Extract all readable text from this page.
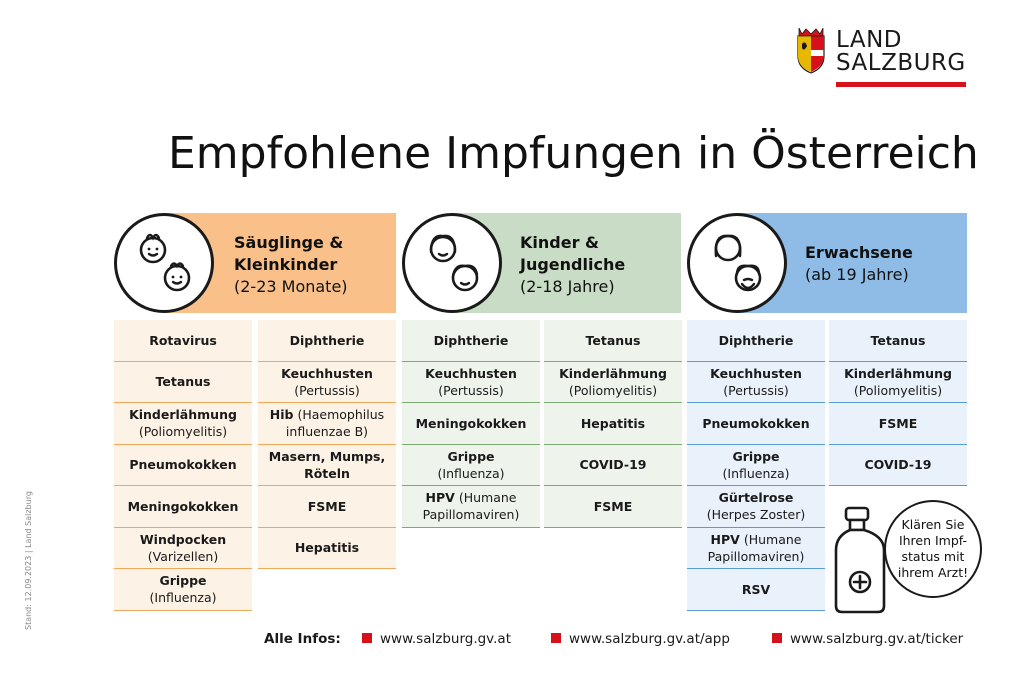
LAND
SALZBURG
Empfohlene Impfungen in Österreich
Säuglinge &
Kleinkinder
(2-23 Monate)
Kinder &
Jugendliche
(2-18 Jahre)
Erwachsene
(ab 19 Jahre)
Rotavirus
Tetanus
Kinderlähmung
(Poliomyelitis)
Pneumokokken
Meningokokken
Windpocken
(Varizellen)
Grippe
(Influenza)
Diphtherie
Keuchhusten
(Pertussis)
Hib (Haemophilus
influenzae B)
Masern, Mumps,
Röteln
FSME
Hepatitis
Diphtherie
Keuchhusten
(Pertussis)
Meningokokken
Grippe
(Influenza)
HPV (Humane
Papillomaviren)
Tetanus
Kinderlähmung
(Poliomyelitis)
Hepatitis
COVID-19
FSME
Diphtherie
Keuchhusten
(Pertussis)
Pneumokokken
Grippe
(Influenza)
Gürtelrose
(Herpes Zoster)
HPV (Humane
Papillomaviren)
RSV
Tetanus
Kinderlähmung
(Poliomyelitis)
FSME
COVID-19
Klären Sie
Ihren Impf-
status mit
ihrem Arzt!
Stand: 12.09.2023 | Land Salzburg
Alle Infos:	www.salzburg.gv.at	www.salzburg.gv.at/app	www.salzburg.gv.at/ticker
